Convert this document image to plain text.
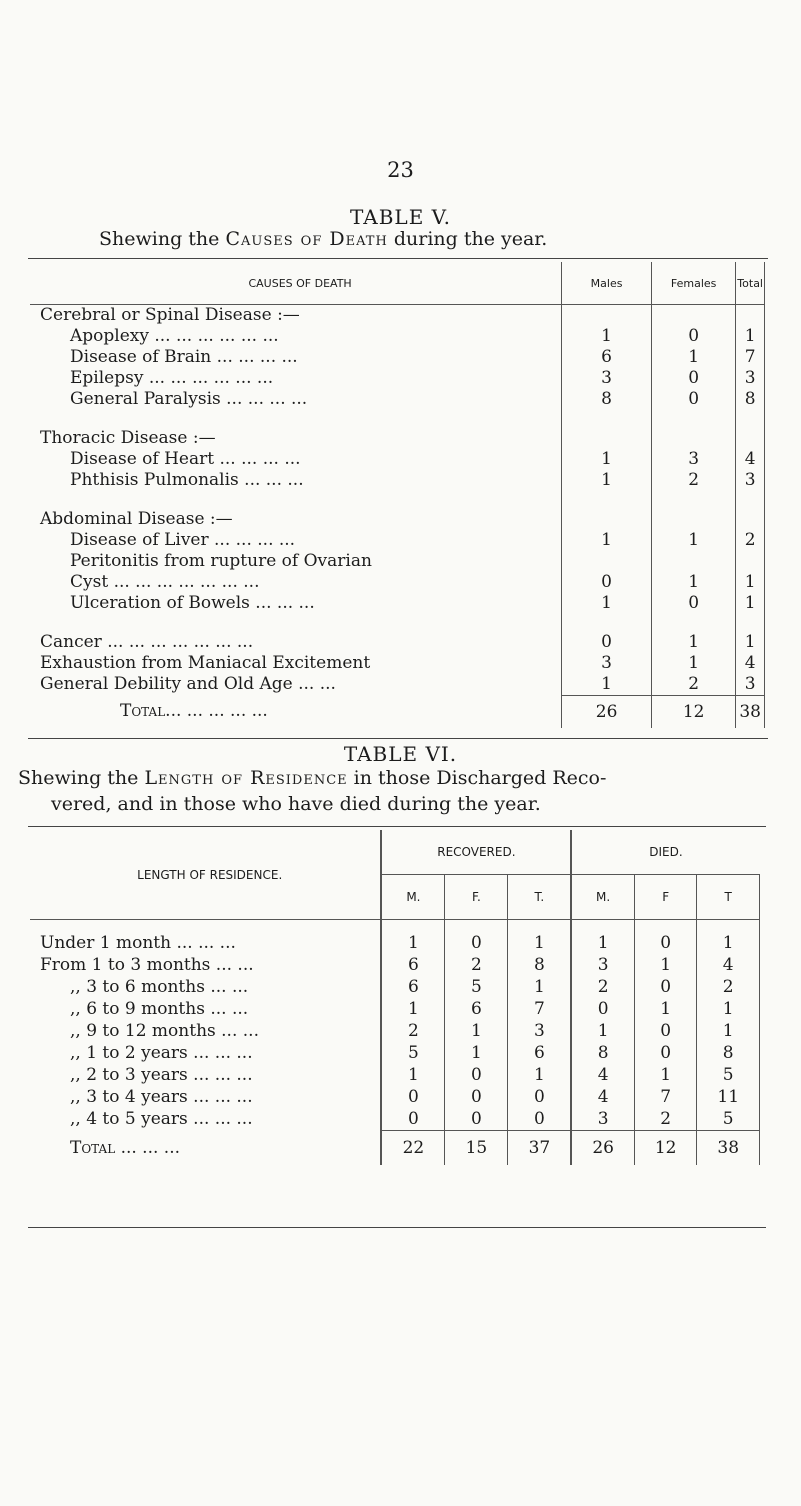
23
TABLE V.
Shewing the Causes of Death during the year.
CAUSES OF DEATH	Males	Females	Total
Cerebral or Spinal Disease :—			
Apoplexy ... ... ... ... ... ...	1	0	1
Disease of Brain ... ... ... ...	6	1	7
Epilepsy ... ... ... ... ... ...	3	0	3
General Paralysis ... ... ... ...	8	0	8

Thoracic Disease :—			
Disease of Heart ... ... ... ...	1	3	4
Phthisis Pulmonalis ... ... ...	1	2	3

Abdominal Disease :—			
Disease of Liver ... ... ... ...	1	1	2
Peritonitis from rupture of Ovarian			
Cyst ... ... ... ... ... ... ...	0	1	1
Ulceration of Bowels ... ... ...	1	0	1

Cancer ... ... ... ... ... ... ...	0	1	1
Exhaustion from Maniacal Excitement	3	1	4
General Debility and Old Age ... ...	1	2	3
Total... ... ... ... ...	26	12	38
TABLE VI.
Shewing the Length of Residence in those Discharged Reco-
vered, and in those who have died during the year.
LENGTH OF RESIDENCE.	RECOVERED.			DIED.		
	M.	F.	T.	M.	F	T

Under 1 month ... ... ...	1	0	1	1	0	1
From 1 to 3 months ... ...	6	2	8	3	1	4
,, 3 to 6 months ... ...	6	5	1	2	0	2
,, 6 to 9 months ... ...	1	6	7	0	1	1
,, 9 to 12 months ... ...	2	1	3	1	0	1
,, 1 to 2 years ... ... ...	5	1	6	8	0	8
,, 2 to 3 years ... ... ...	1	0	1	4	1	5
,, 3 to 4 years ... ... ...	0	0	0	4	7	11
,, 4 to 5 years ... ... ...	0	0	0	3	2	5
Total ... ... ...	22	15	37	26	12	38
